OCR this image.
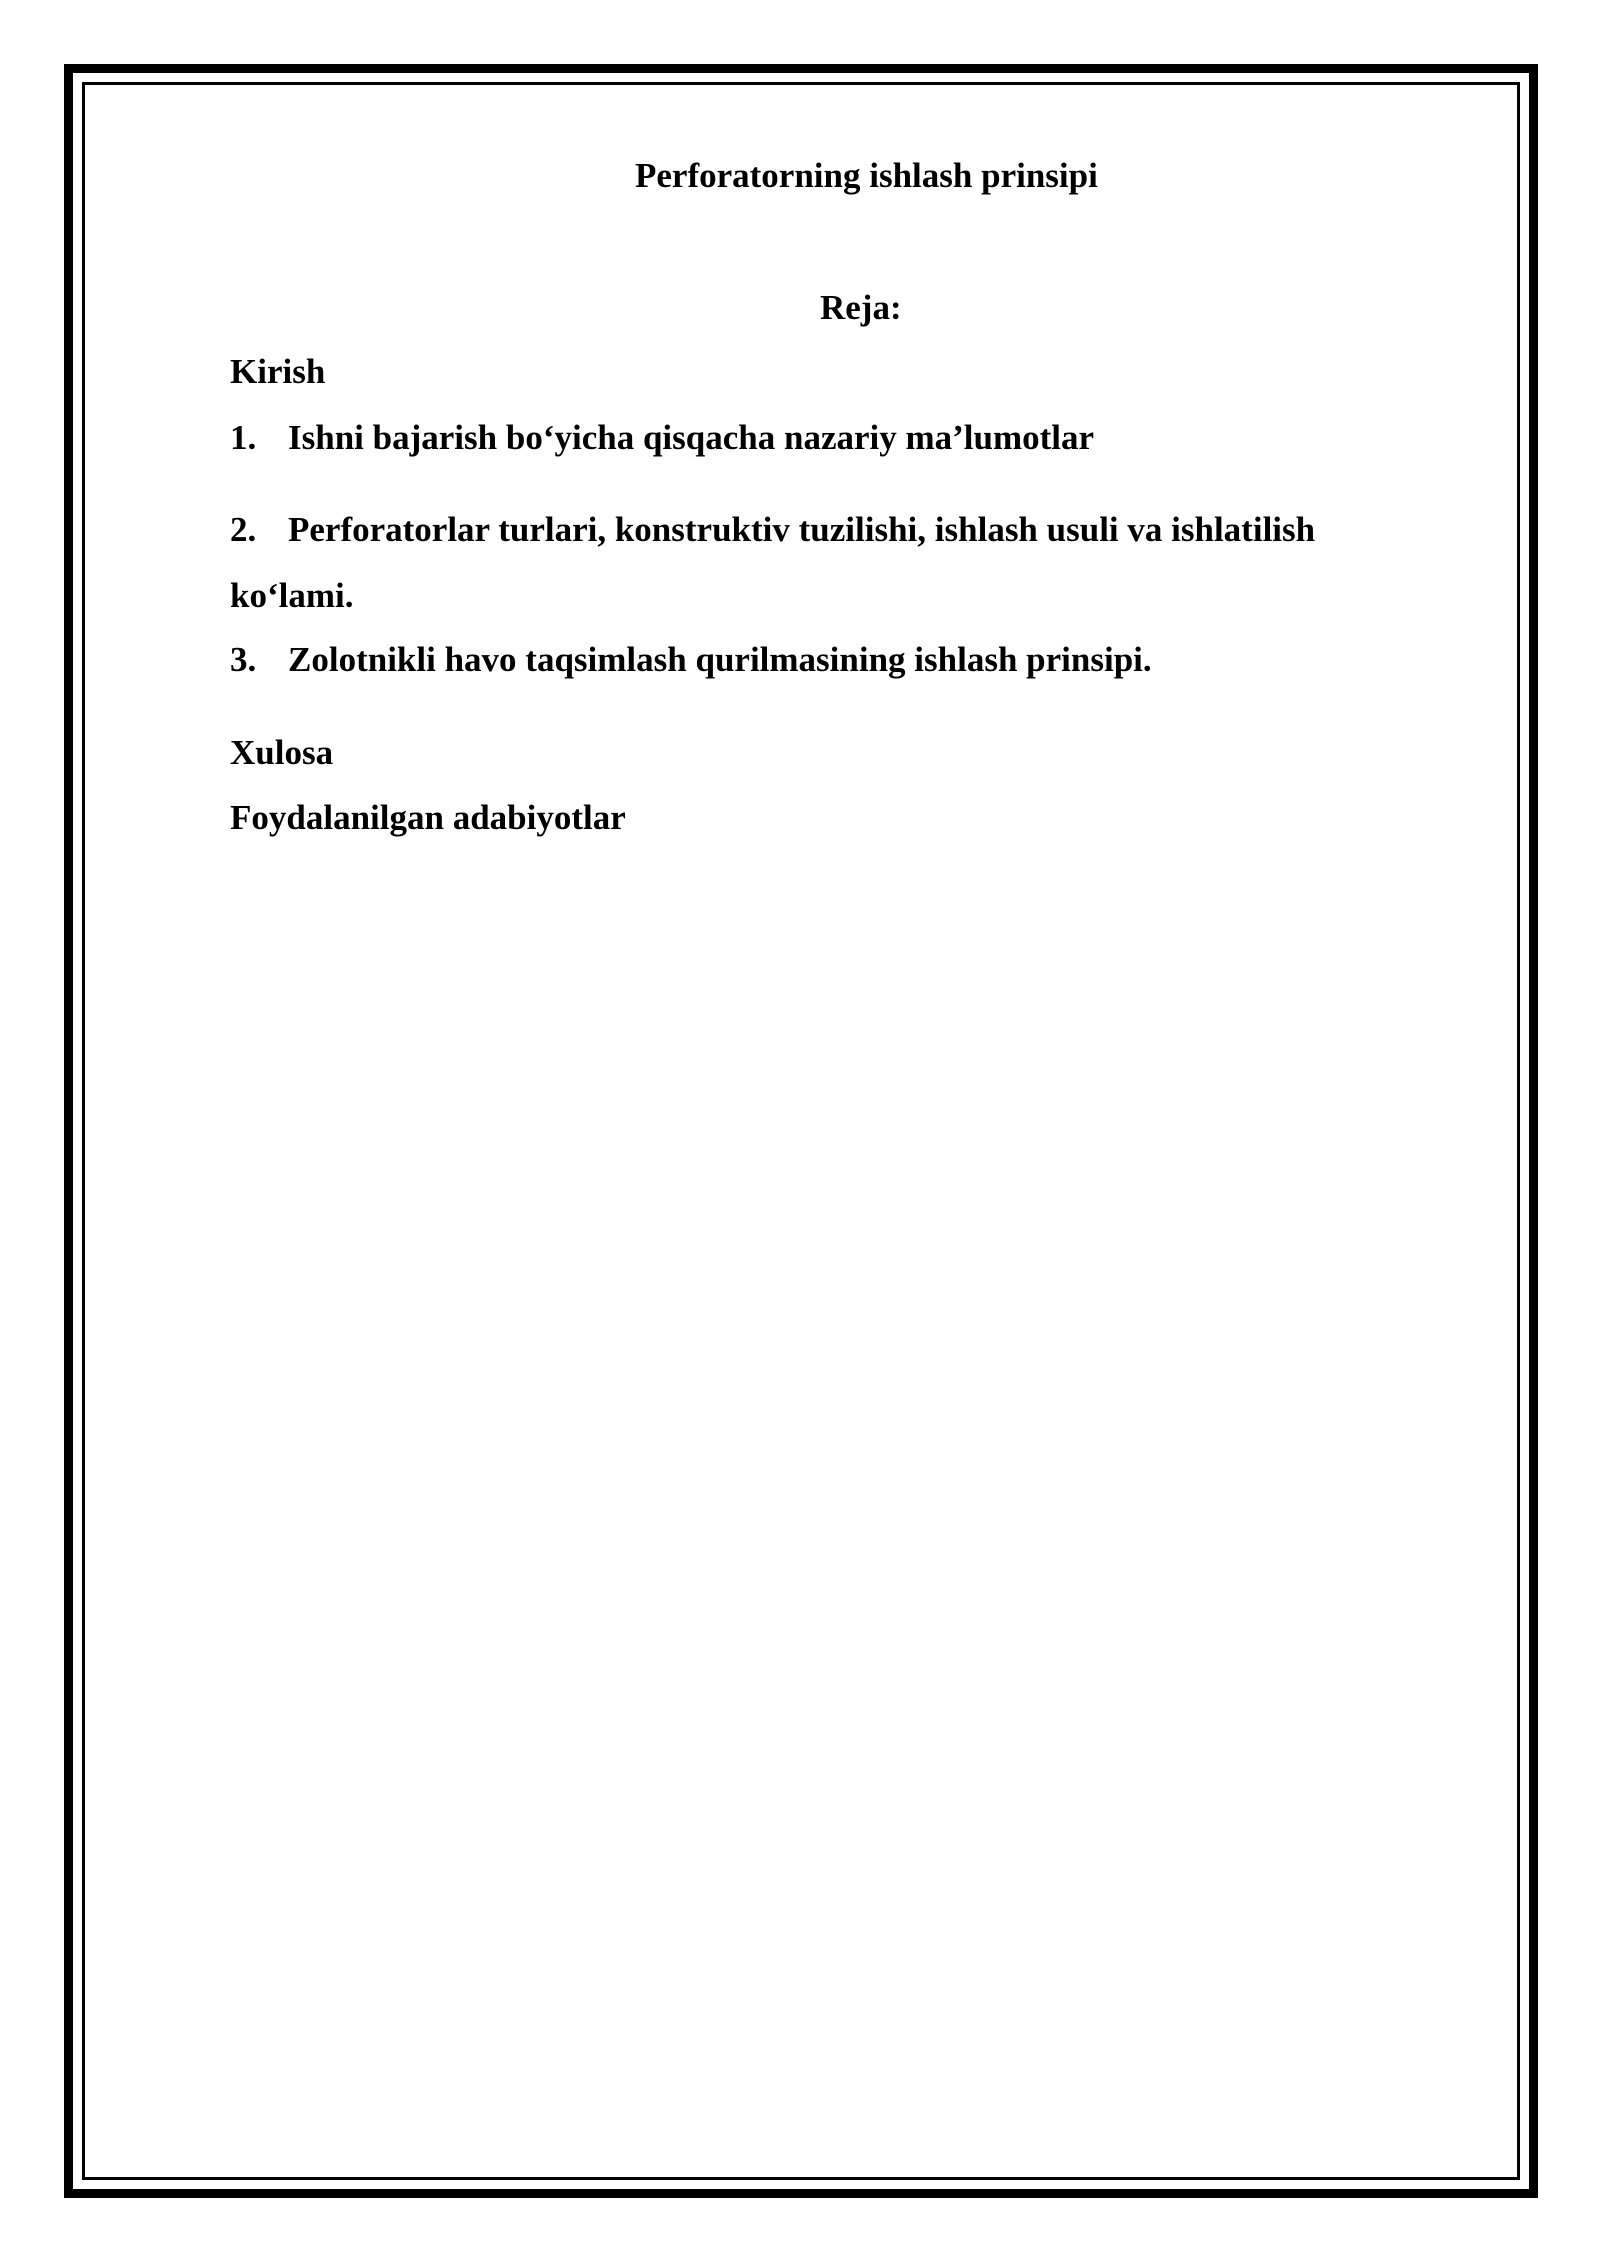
Perforatorning ishlash prinsipi

Reja:

Kirish

1. Ishni bajarish bo‘yicha qisqacha nazariy ma’lumotlar

2. Perforatorlar turlari, konstruktiv tuzilishi, ishlash usuli va ishlatilish

ko‘lami.

3. Zolotnikli havo taqsimlash qurilmasining ishlash prinsipi.

Xulosa

Foydalanilgan adabiyotlar
